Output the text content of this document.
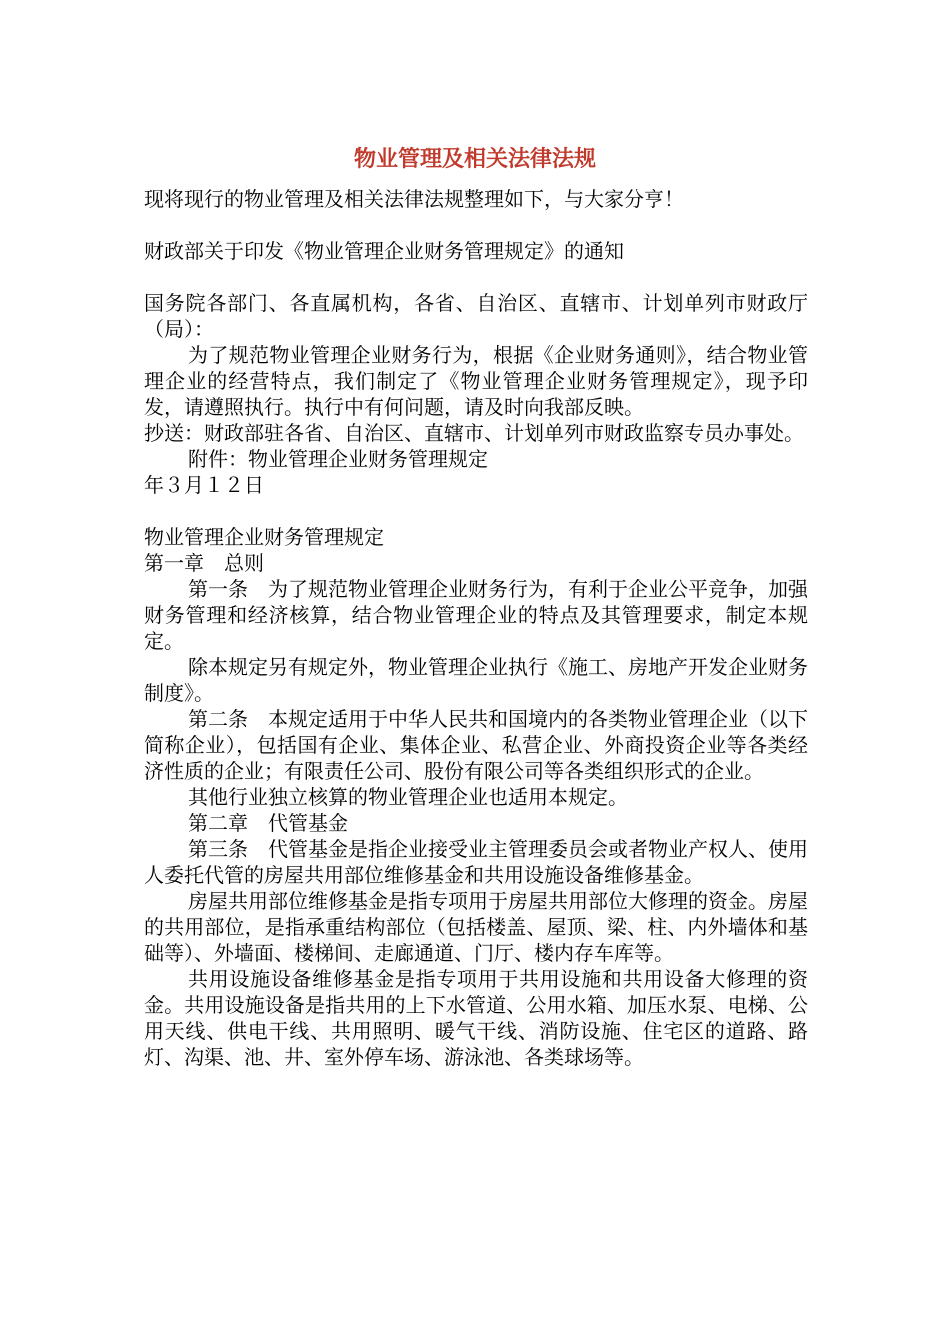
物业管理及相关法律法规

现将现行的物业管理及相关法律法规整理如下，与大家分亨！

财政部关于印发《物业管理企业财务管理规定》的通知

国务院各部门、各直属机构，各省、自治区、直辖市、计划单列市财政厅（局）：

为了规范物业管理企业财务行为，根据《企业财务通则》，结合物业管理企业的经营特点，我们制定了《物业管理企业财务管理规定》，现予印发，请遵照执行。执行中有何问题，请及时向我部反映。

抄送：财政部驻各省、自治区、直辖市、计划单列市财政监察专员办事处。

附件：物业管理企业财务管理规定

年３月１２日

物业管理企业财务管理规定

第一章　总则

第一条　为了规范物业管理企业财务行为，有利于企业公平竞争，加强财务管理和经济核算，结合物业管理企业的特点及其管理要求，制定本规定。

除本规定另有规定外，物业管理企业执行《施工、房地产开发企业财务制度》。

第二条　本规定适用于中华人民共和国境内的各类物业管理企业（以下简称企业），包括国有企业、集体企业、私营企业、外商投资企业等各类经济性质的企业；有限责任公司、股份有限公司等各类组织形式的企业。

其他行业独立核算的物业管理企业也适用本规定。

第二章　代管基金

第三条　代管基金是指企业接受业主管理委员会或者物业产权人、使用人委托代管的房屋共用部位维修基金和共用设施设备维修基金。

房屋共用部位维修基金是指专项用于房屋共用部位大修理的资金。房屋的共用部位，是指承重结构部位（包括楼盖、屋顶、梁、柱、内外墙体和基础等）、外墙面、楼梯间、走廊通道、门厅、楼内存车库等。

共用设施设备维修基金是指专项用于共用设施和共用设备大修理的资金。共用设施设备是指共用的上下水管道、公用水箱、加压水泵、电梯、公用天线、供电干线、共用照明、暖气干线、消防设施、住宅区的道路、路灯、沟渠、池、井、室外停车场、游泳池、各类球场等。
